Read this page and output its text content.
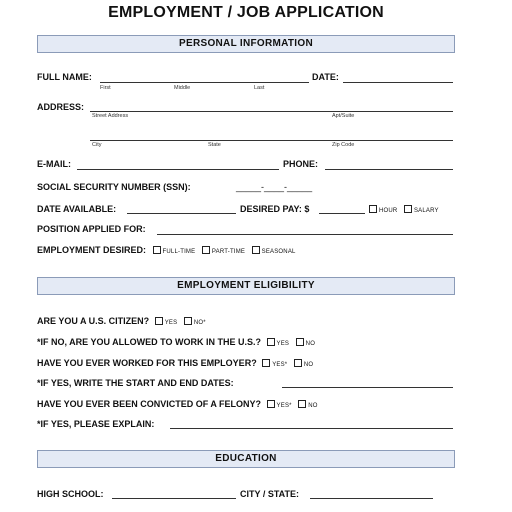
EMPLOYMENT / JOB APPLICATION
PERSONAL INFORMATION
FULL NAME:
First	Middle	Last
DATE:
ADDRESS:
Street Address	Apt/Suite
City	State	Zip Code
E-MAIL:	PHONE:
SOCIAL SECURITY NUMBER (SSN):	_____-____-_____
DATE AVAILABLE:	DESIRED PAY: $	HOUR	SALARY
POSITION APPLIED FOR:
EMPLOYMENT DESIRED:	FULL-TIME	PART-TIME	SEASONAL
EMPLOYMENT ELIGIBILITY
ARE YOU A U.S. CITIZEN?	YES	NO*
*IF NO, ARE YOU ALLOWED TO WORK IN THE U.S.?	YES	NO
HAVE YOU EVER WORKED FOR THIS EMPLOYER?	YES*	NO
*IF YES, WRITE THE START AND END DATES:
HAVE YOU EVER BEEN CONVICTED OF A FELONY?	YES*	NO
*IF YES, PLEASE EXPLAIN:
EDUCATION
HIGH SCHOOL:	CITY / STATE:
